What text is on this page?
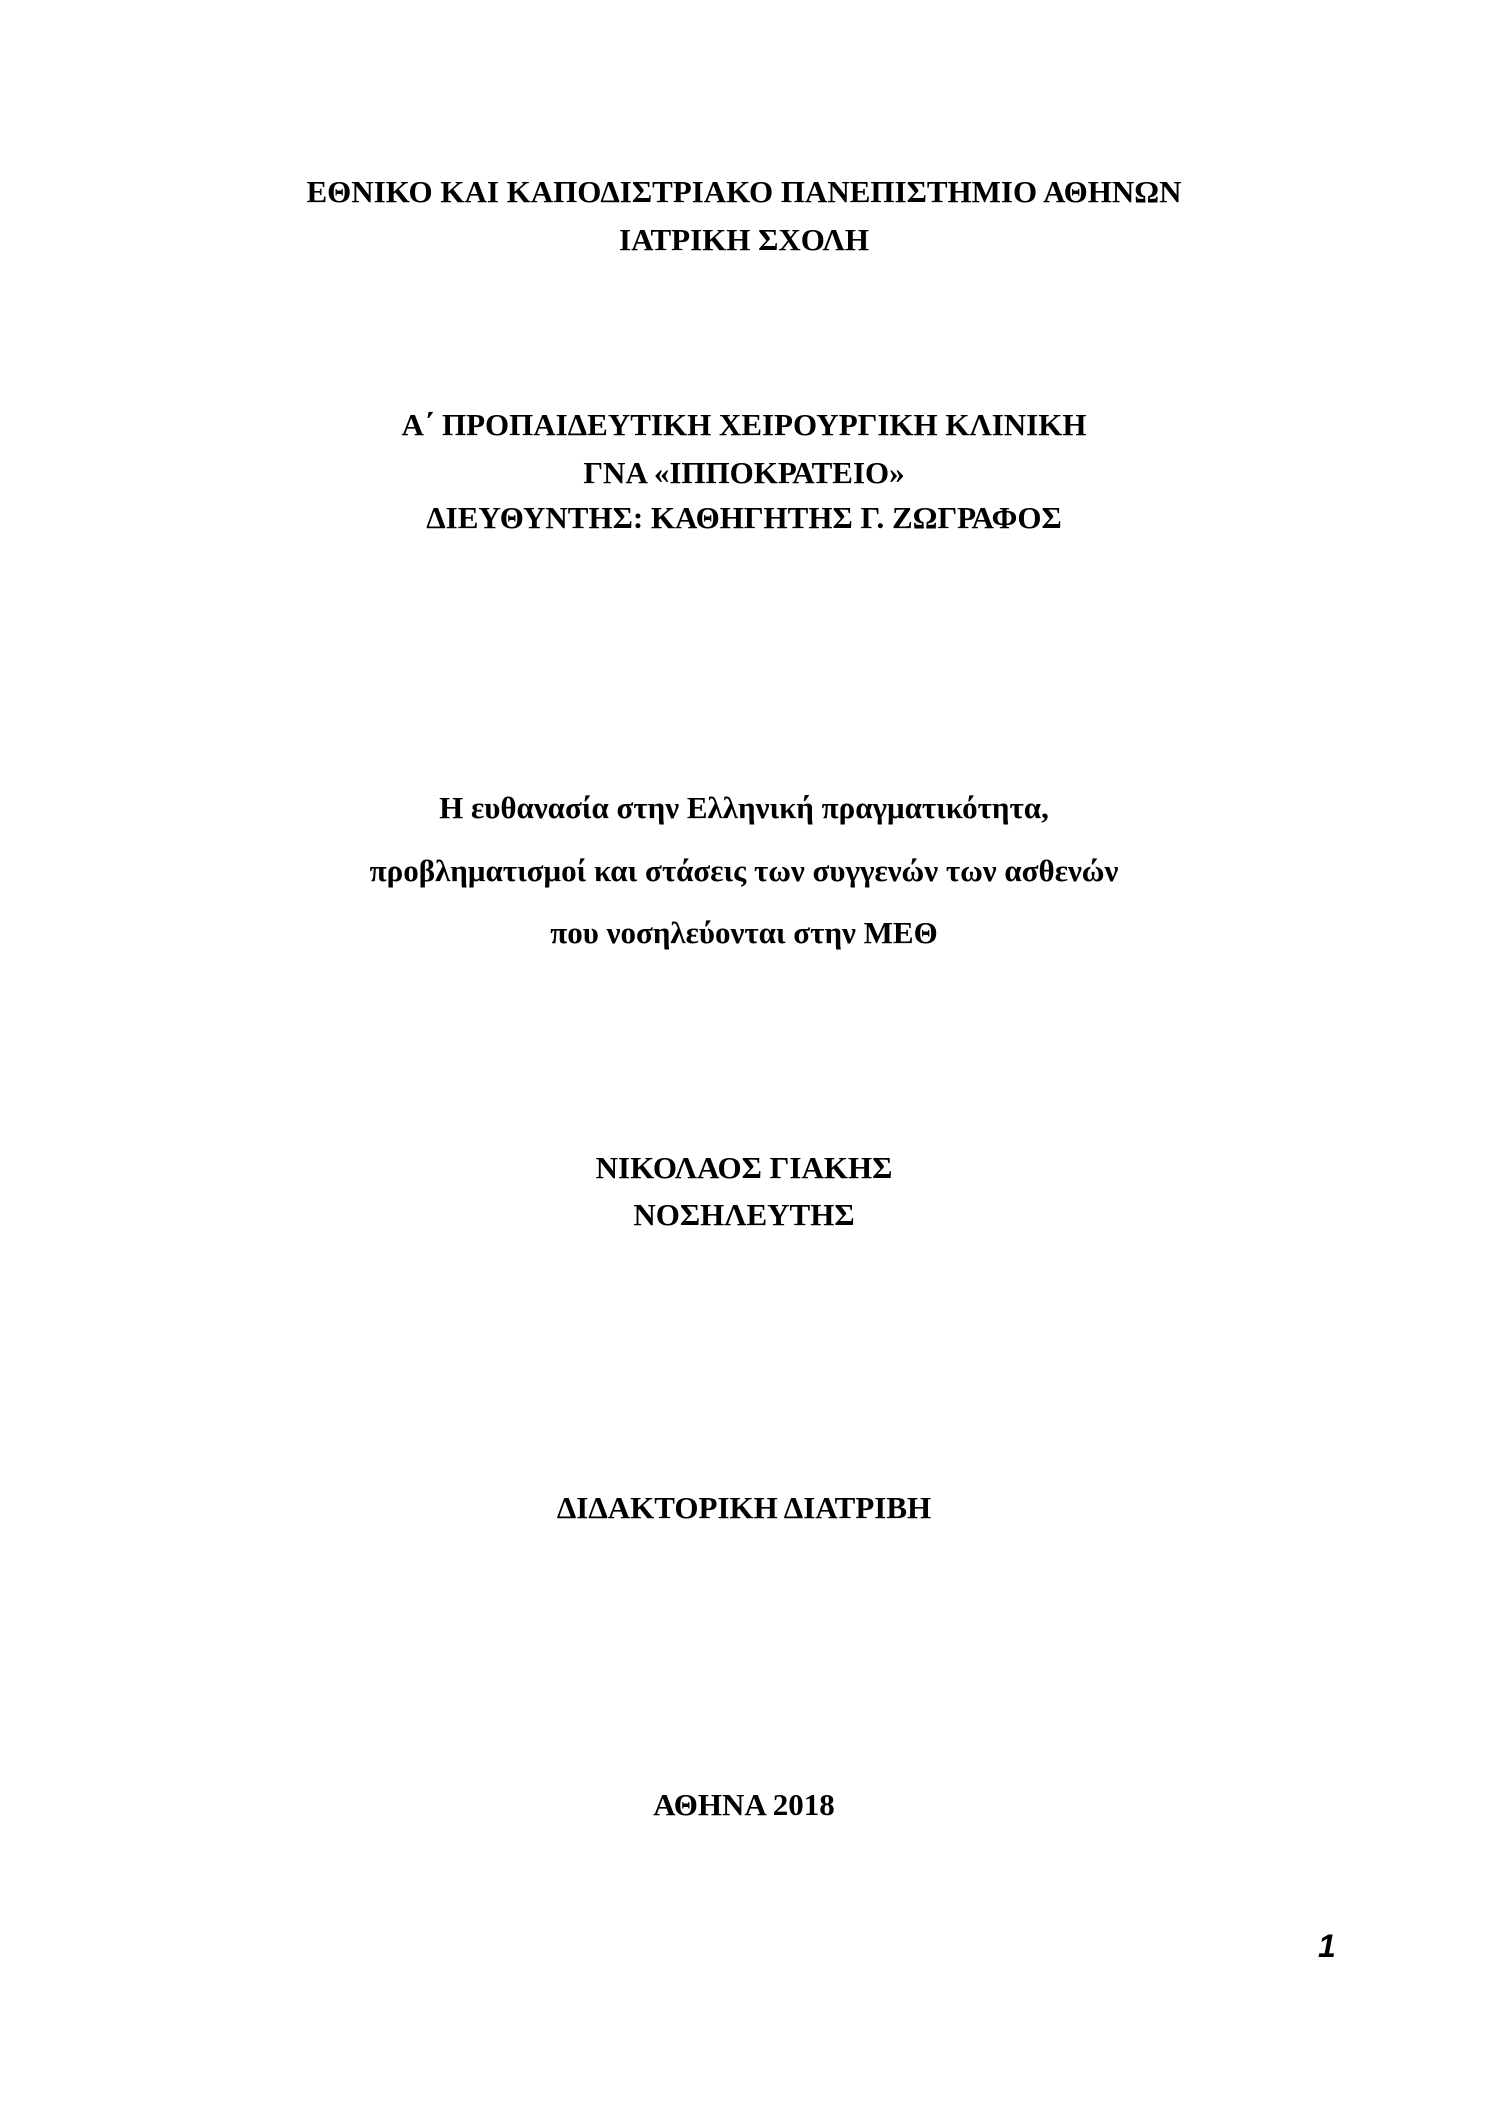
ΕΘΝΙΚΟ ΚΑΙ ΚΑΠΟΔΙΣΤΡΙΑΚΟ ΠΑΝΕΠΙΣΤΗΜΙΟ ΑΘΗΝΩΝ

ΙΑΤΡΙΚΗ ΣΧΟΛΗ

Α΄ ΠΡΟΠΑΙΔΕΥΤΙΚΗ ΧΕΙΡΟΥΡΓΙΚΗ ΚΛΙΝΙΚΗ

ΓΝΑ «ΙΠΠΟΚΡΑΤΕΙΟ»

ΔΙΕΥΘΥΝΤΗΣ: ΚΑΘΗΓΗΤΗΣ Γ. ΖΩΓΡΑΦΟΣ

Η ευθανασία στην Ελληνική πραγματικότητα,

προβληματισμοί και στάσεις των συγγενών των ασθενών

που νοσηλεύονται στην ΜΕΘ

ΝΙΚΟΛΑΟΣ ΓΙΑΚΗΣ

ΝΟΣΗΛΕΥΤΗΣ

ΔΙΔΑΚΤΟΡΙΚΗ ΔΙΑΤΡΙΒΗ

ΑΘΗΝΑ 2018

1
